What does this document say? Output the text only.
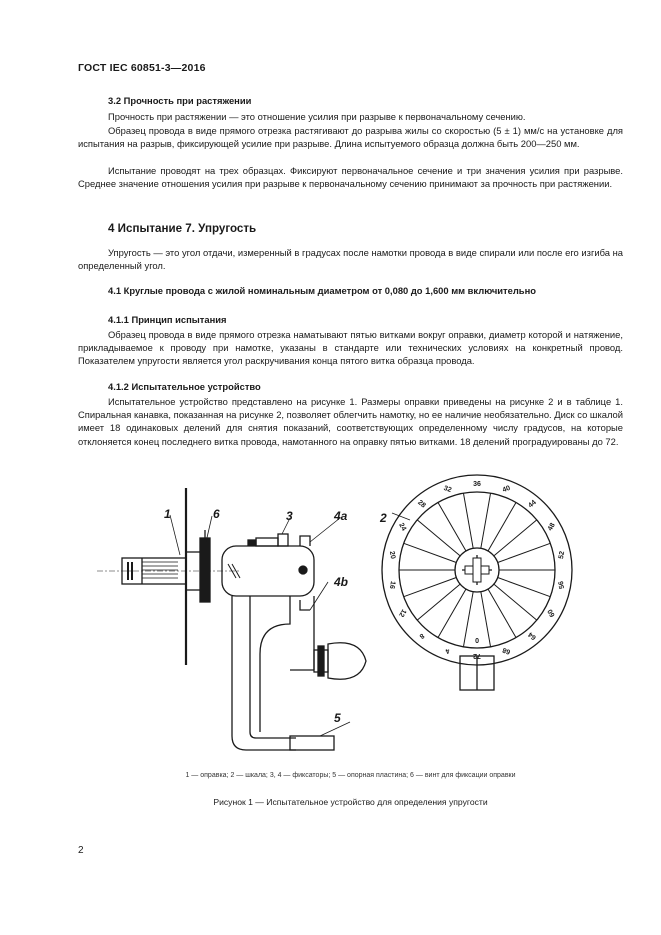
ГОСТ IEC 60851-3—2016
3.2 Прочность при растяжении
Прочность при растяжении — это отношение усилия при разрыве к первоначальному сечению.
Образец провода в виде прямого отрезка растягивают до разрыва жилы со скоростью (5 ± 1) мм/с на установке для испытания на разрыв, фиксирующей усилие при разрыве. Длина испытуемого образца должна быть 200—250 мм.
Испытание проводят на трех образцах. Фиксируют первоначальное сечение и три значения усилия при разрыве. Среднее значение отношения усилия при разрыве к первоначальному сечению принимают за прочность при растяжении.
4 Испытание 7. Упругость
Упругость — это угол отдачи, измеренный в градусах после намотки провода в виде спирали или после его изгиба на определенный угол.
4.1 Круглые провода с жилой номинальным диаметром от 0,080 до 1,600 мм включительно
4.1.1 Принцип испытания
Образец провода в виде прямого отрезка наматывают пятью витками вокруг оправки, диаметр которой и натяжение, прикладываемое к проводу при намотке, указаны в стандарте или технических условиях на конкретный провод. Показателем упругости является угол раскручивания конца пятого витка образца провода.
4.1.2 Испытательное устройство
Испытательное устройство представлено на рисунке 1. Размеры оправки приведены на рисунке 2 и в таблице 1. Спиральная канавка, показанная на рисунке 2, позволяет облегчить намотку, но ее наличие необязательно. Диск со шкалой имеет 18 одинаковых делений для снятия показаний, соответствующих определенному числу градусов, на которые отклоняется конец последнего витка провода, намотанного на оправку пятью витками. 18 делений проградуированы до 72.
0
4
8
12
16
20
24
28
32
36
40
44
48
52
56
60
64
68
72
1	6	3	4а
4b
5
2
1 — оправка; 2 — шкала; 3, 4 — фиксаторы; 5 — опорная пластина; 6 — винт для фиксации оправки
Рисунок 1 — Испытательное устройство для определения упругости
2
